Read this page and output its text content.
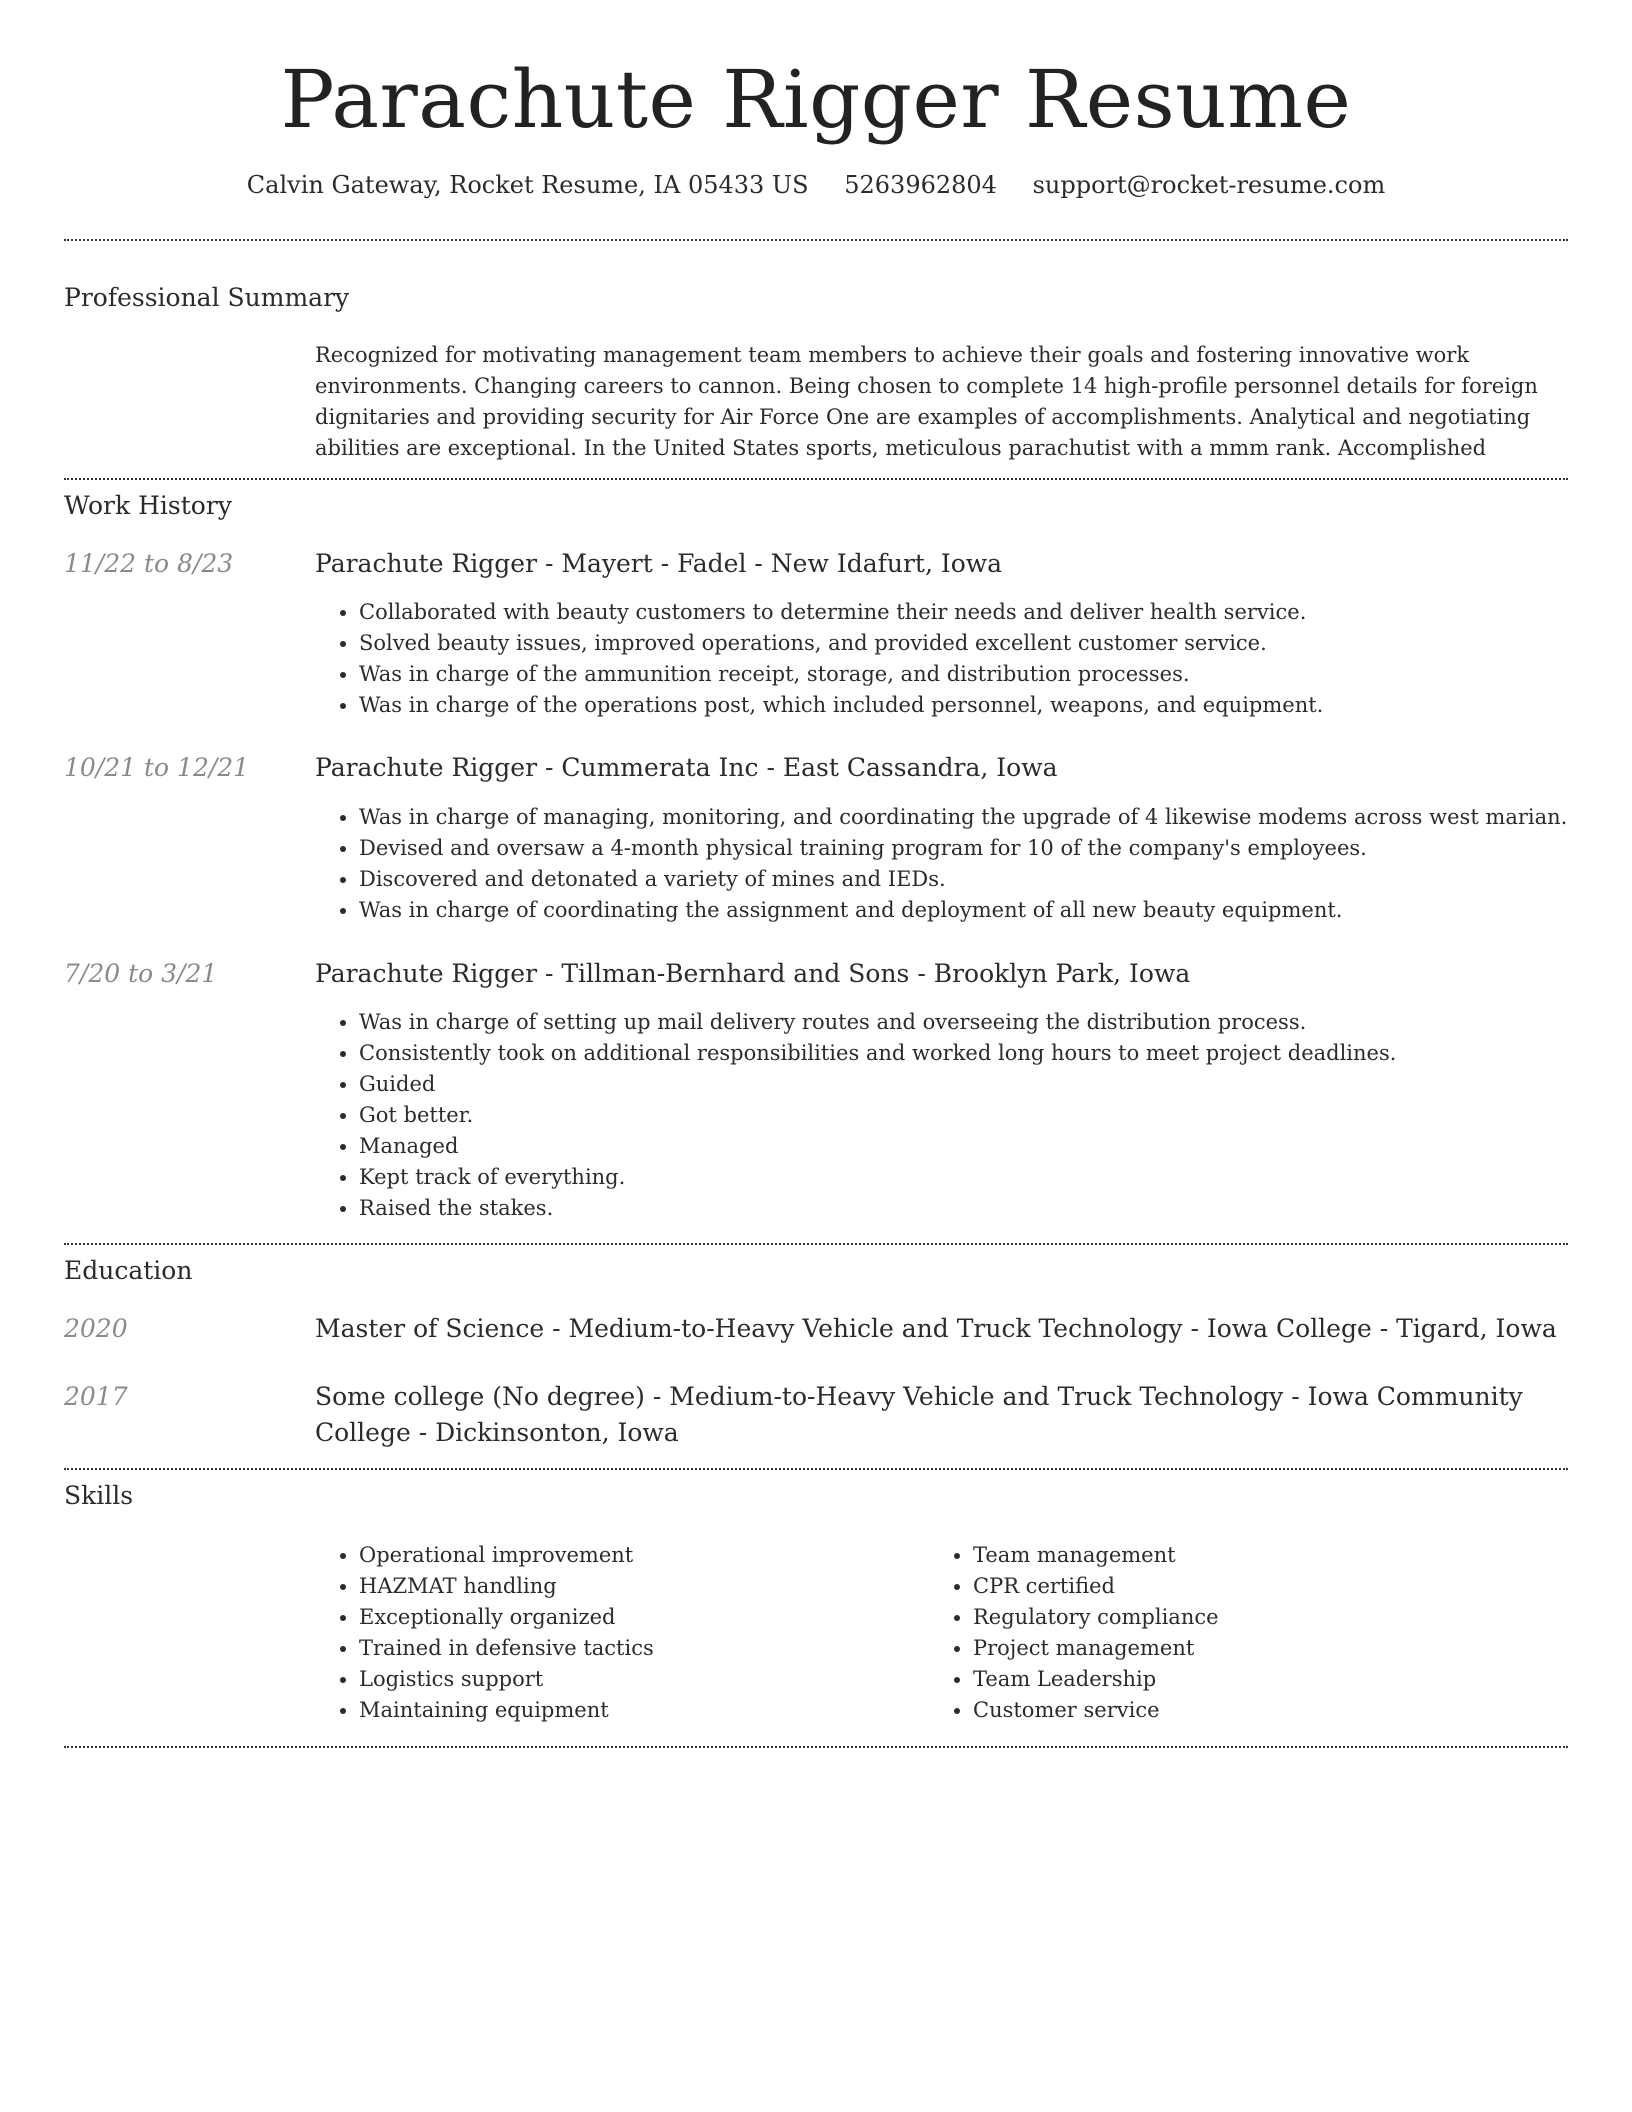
Parachute Rigger Resume
Calvin Gateway, Rocket Resume, IA 05433 US 5263962804 support@rocket-resume.com
Professional Summary
Recognized for motivating management team members to achieve their goals and fostering innovative work environments. Changing careers to cannon. Being chosen to complete 14 high-profile personnel details for foreign dignitaries and providing security for Air Force One are examples of accomplishments. Analytical and negotiating abilities are exceptional. In the United States sports, meticulous parachutist with a mmm rank. Accomplished
Work History
11/22 to 8/23	Parachute Rigger - Mayert - Fadel - New Idafurt, Iowa
• Collaborated with beauty customers to determine their needs and deliver health service.
• Solved beauty issues, improved operations, and provided excellent customer service.
• Was in charge of the ammunition receipt, storage, and distribution processes.
• Was in charge of the operations post, which included personnel, weapons, and equipment.
10/21 to 12/21	Parachute Rigger - Cummerata Inc - East Cassandra, Iowa
• Was in charge of managing, monitoring, and coordinating the upgrade of 4 likewise modems across west marian.
• Devised and oversaw a 4-month physical training program for 10 of the company's employees.
• Discovered and detonated a variety of mines and IEDs.
• Was in charge of coordinating the assignment and deployment of all new beauty equipment.
7/20 to 3/21	Parachute Rigger - Tillman-Bernhard and Sons - Brooklyn Park, Iowa
• Was in charge of setting up mail delivery routes and overseeing the distribution process.
• Consistently took on additional responsibilities and worked long hours to meet project deadlines.
• Guided
• Got better.
• Managed
• Kept track of everything.
• Raised the stakes.
Education
2020	Master of Science - Medium-to-Heavy Vehicle and Truck Technology - Iowa College - Tigard, Iowa
2017	Some college (No degree) - Medium-to-Heavy Vehicle and Truck Technology - Iowa Community College - Dickinsonton, Iowa
Skills
• Operational improvement
• HAZMAT handling
• Exceptionally organized
• Trained in defensive tactics
• Logistics support
• Maintaining equipment
• Team management
• CPR certified
• Regulatory compliance
• Project management
• Team Leadership
• Customer service
